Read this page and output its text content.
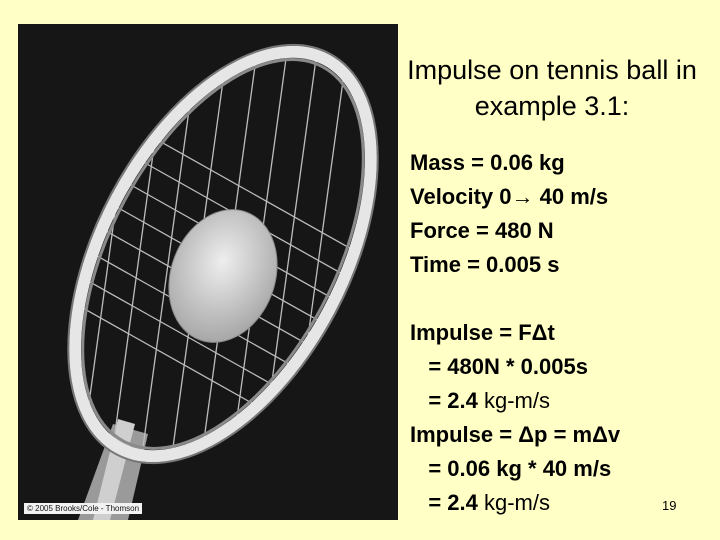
© 2005 Brooks/Cole - Thomson
Impulse on tennis ball in example 3.1:
Mass = 0.06 kg
Velocity 0→ 40 m/s
Force = 480 N
Time = 0.005 s
Impulse = FΔt
= 480N * 0.005s
= 2.4 kg-m/s
Impulse = Δp = mΔv
= 0.06 kg * 40 m/s
= 2.4 kg-m/s	19
